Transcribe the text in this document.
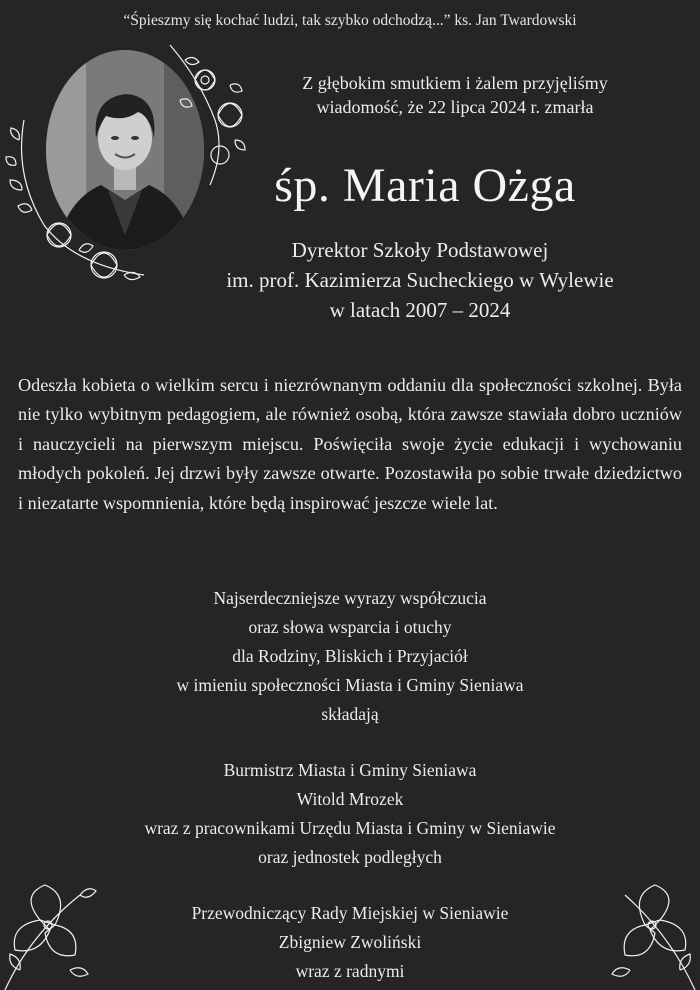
“Śpieszmy się kochać ludzi, tak szybko odchodzą...” ks. Jan Twardowski
Z głębokim smutkiem i żalem przyjęliśmy
wiadomość, że 22 lipca 2024 r. zmarła
śp. Maria Ożga
Dyrektor Szkoły Podstawowej
im. prof. Kazimierza Sucheckiego w Wylewie
w latach 2007 – 2024
Odeszła kobieta o wielkim sercu i niezrównanym oddaniu dla społeczności szkolnej. Była nie tylko wybitnym pedagogiem, ale również osobą, która zawsze stawiała dobro uczniów i nauczycieli na pierwszym miejscu. Poświęciła swoje życie edukacji i wychowaniu młodych pokoleń. Jej drzwi były zawsze otwarte. Pozostawiła po sobie trwałe dziedzictwo i niezatarte wspomnienia, które będą inspirować jeszcze wiele lat.
Najserdeczniejsze wyrazy współczucia
oraz słowa wsparcia i otuchy
dla Rodziny, Bliskich i Przyjaciół
w imieniu społeczności Miasta i Gminy Sieniawa
składają
Burmistrz Miasta i Gminy Sieniawa
Witold Mrozek
wraz z pracownikami Urzędu Miasta i Gminy w Sieniawie
oraz jednostek podległych
Przewodniczący Rady Miejskiej w Sieniawie
Zbigniew Zwoliński
wraz z radnymi
